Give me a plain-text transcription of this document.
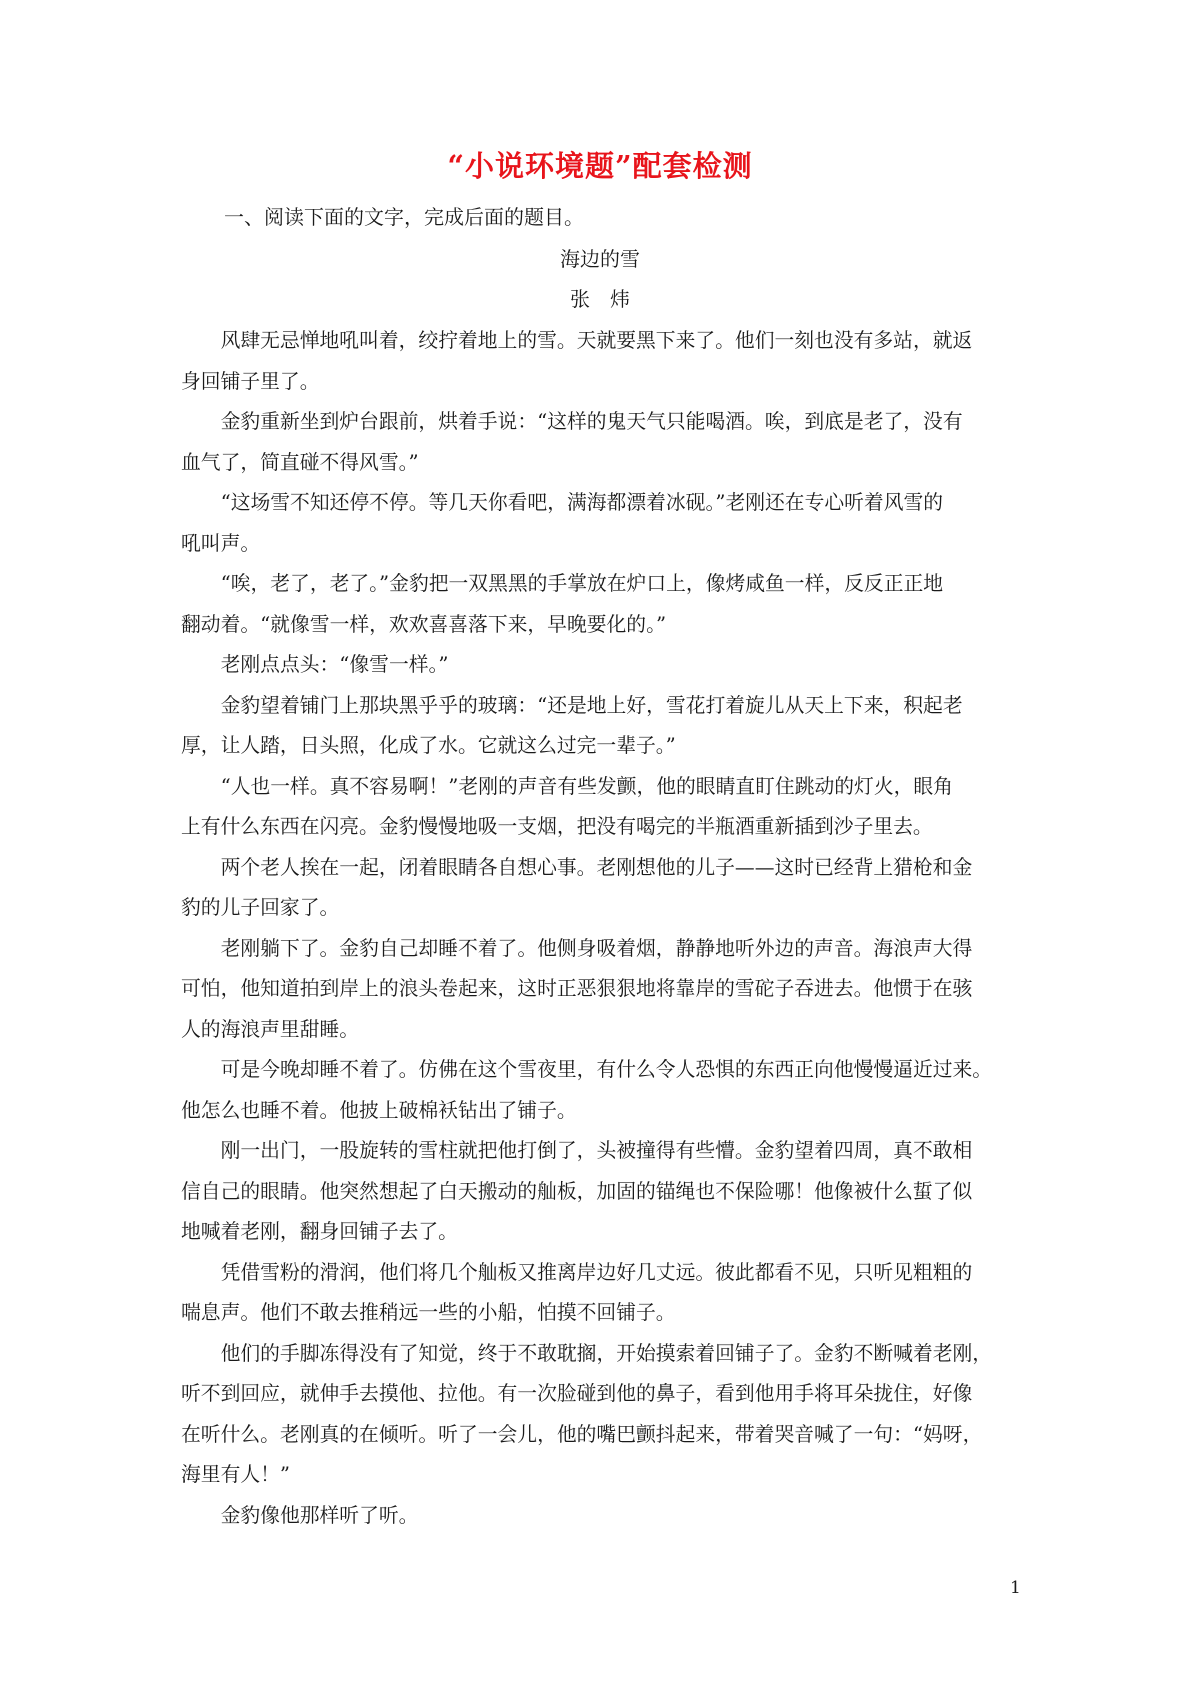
“小说环境题”配套检测
一、阅读下面的文字，完成后面的题目。
海边的雪
张炜
风肆无忌惮地吼叫着，绞拧着地上的雪。天就要黑下来了。他们一刻也没有多站，就返
身回铺子里了。
金豹重新坐到炉台跟前，烘着手说：“这样的鬼天气只能喝酒。唉，到底是老了，没有
血气了，简直碰不得风雪。”
“这场雪不知还停不停。等几天你看吧，满海都漂着冰砚。”老刚还在专心听着风雪的
吼叫声。
“唉，老了，老了。”金豹把一双黑黑的手掌放在炉口上，像烤咸鱼一样，反反正正地
翻动着。“就像雪一样，欢欢喜喜落下来，早晚要化的。”
老刚点点头：“像雪一样。”
金豹望着铺门上那块黑乎乎的玻璃：“还是地上好，雪花打着旋儿从天上下来，积起老
厚，让人踏，日头照，化成了水。它就这么过完一辈子。”
“人也一样。真不容易啊！”老刚的声音有些发颤，他的眼睛直盯住跳动的灯火，眼角
上有什么东西在闪亮。金豹慢慢地吸一支烟，把没有喝完的半瓶酒重新插到沙子里去。
两个老人挨在一起，闭着眼睛各自想心事。老刚想他的儿子——这时已经背上猎枪和金
豹的儿子回家了。
老刚躺下了。金豹自己却睡不着了。他侧身吸着烟，静静地听外边的声音。海浪声大得
可怕，他知道拍到岸上的浪头卷起来，这时正恶狠狠地将靠岸的雪砣子吞进去。他惯于在骇
人的海浪声里甜睡。
可是今晚却睡不着了。仿佛在这个雪夜里，有什么令人恐惧的东西正向他慢慢逼近过来。
他怎么也睡不着。他披上破棉袄钻出了铺子。
刚一出门，一股旋转的雪柱就把他打倒了，头被撞得有些懵。金豹望着四周，真不敢相
信自己的眼睛。他突然想起了白天搬动的舢板，加固的锚绳也不保险哪！他像被什么蜇了似
地喊着老刚，翻身回铺子去了。
凭借雪粉的滑润，他们将几个舢板又推离岸边好几丈远。彼此都看不见，只听见粗粗的
喘息声。他们不敢去推稍远一些的小船，怕摸不回铺子。
他们的手脚冻得没有了知觉，终于不敢耽搁，开始摸索着回铺子了。金豹不断喊着老刚，
听不到回应，就伸手去摸他、拉他。有一次脸碰到他的鼻子，看到他用手将耳朵拢住，好像
在听什么。老刚真的在倾听。听了一会儿，他的嘴巴颤抖起来，带着哭音喊了一句：“妈呀，
海里有人！”
金豹像他那样听了听。
1
